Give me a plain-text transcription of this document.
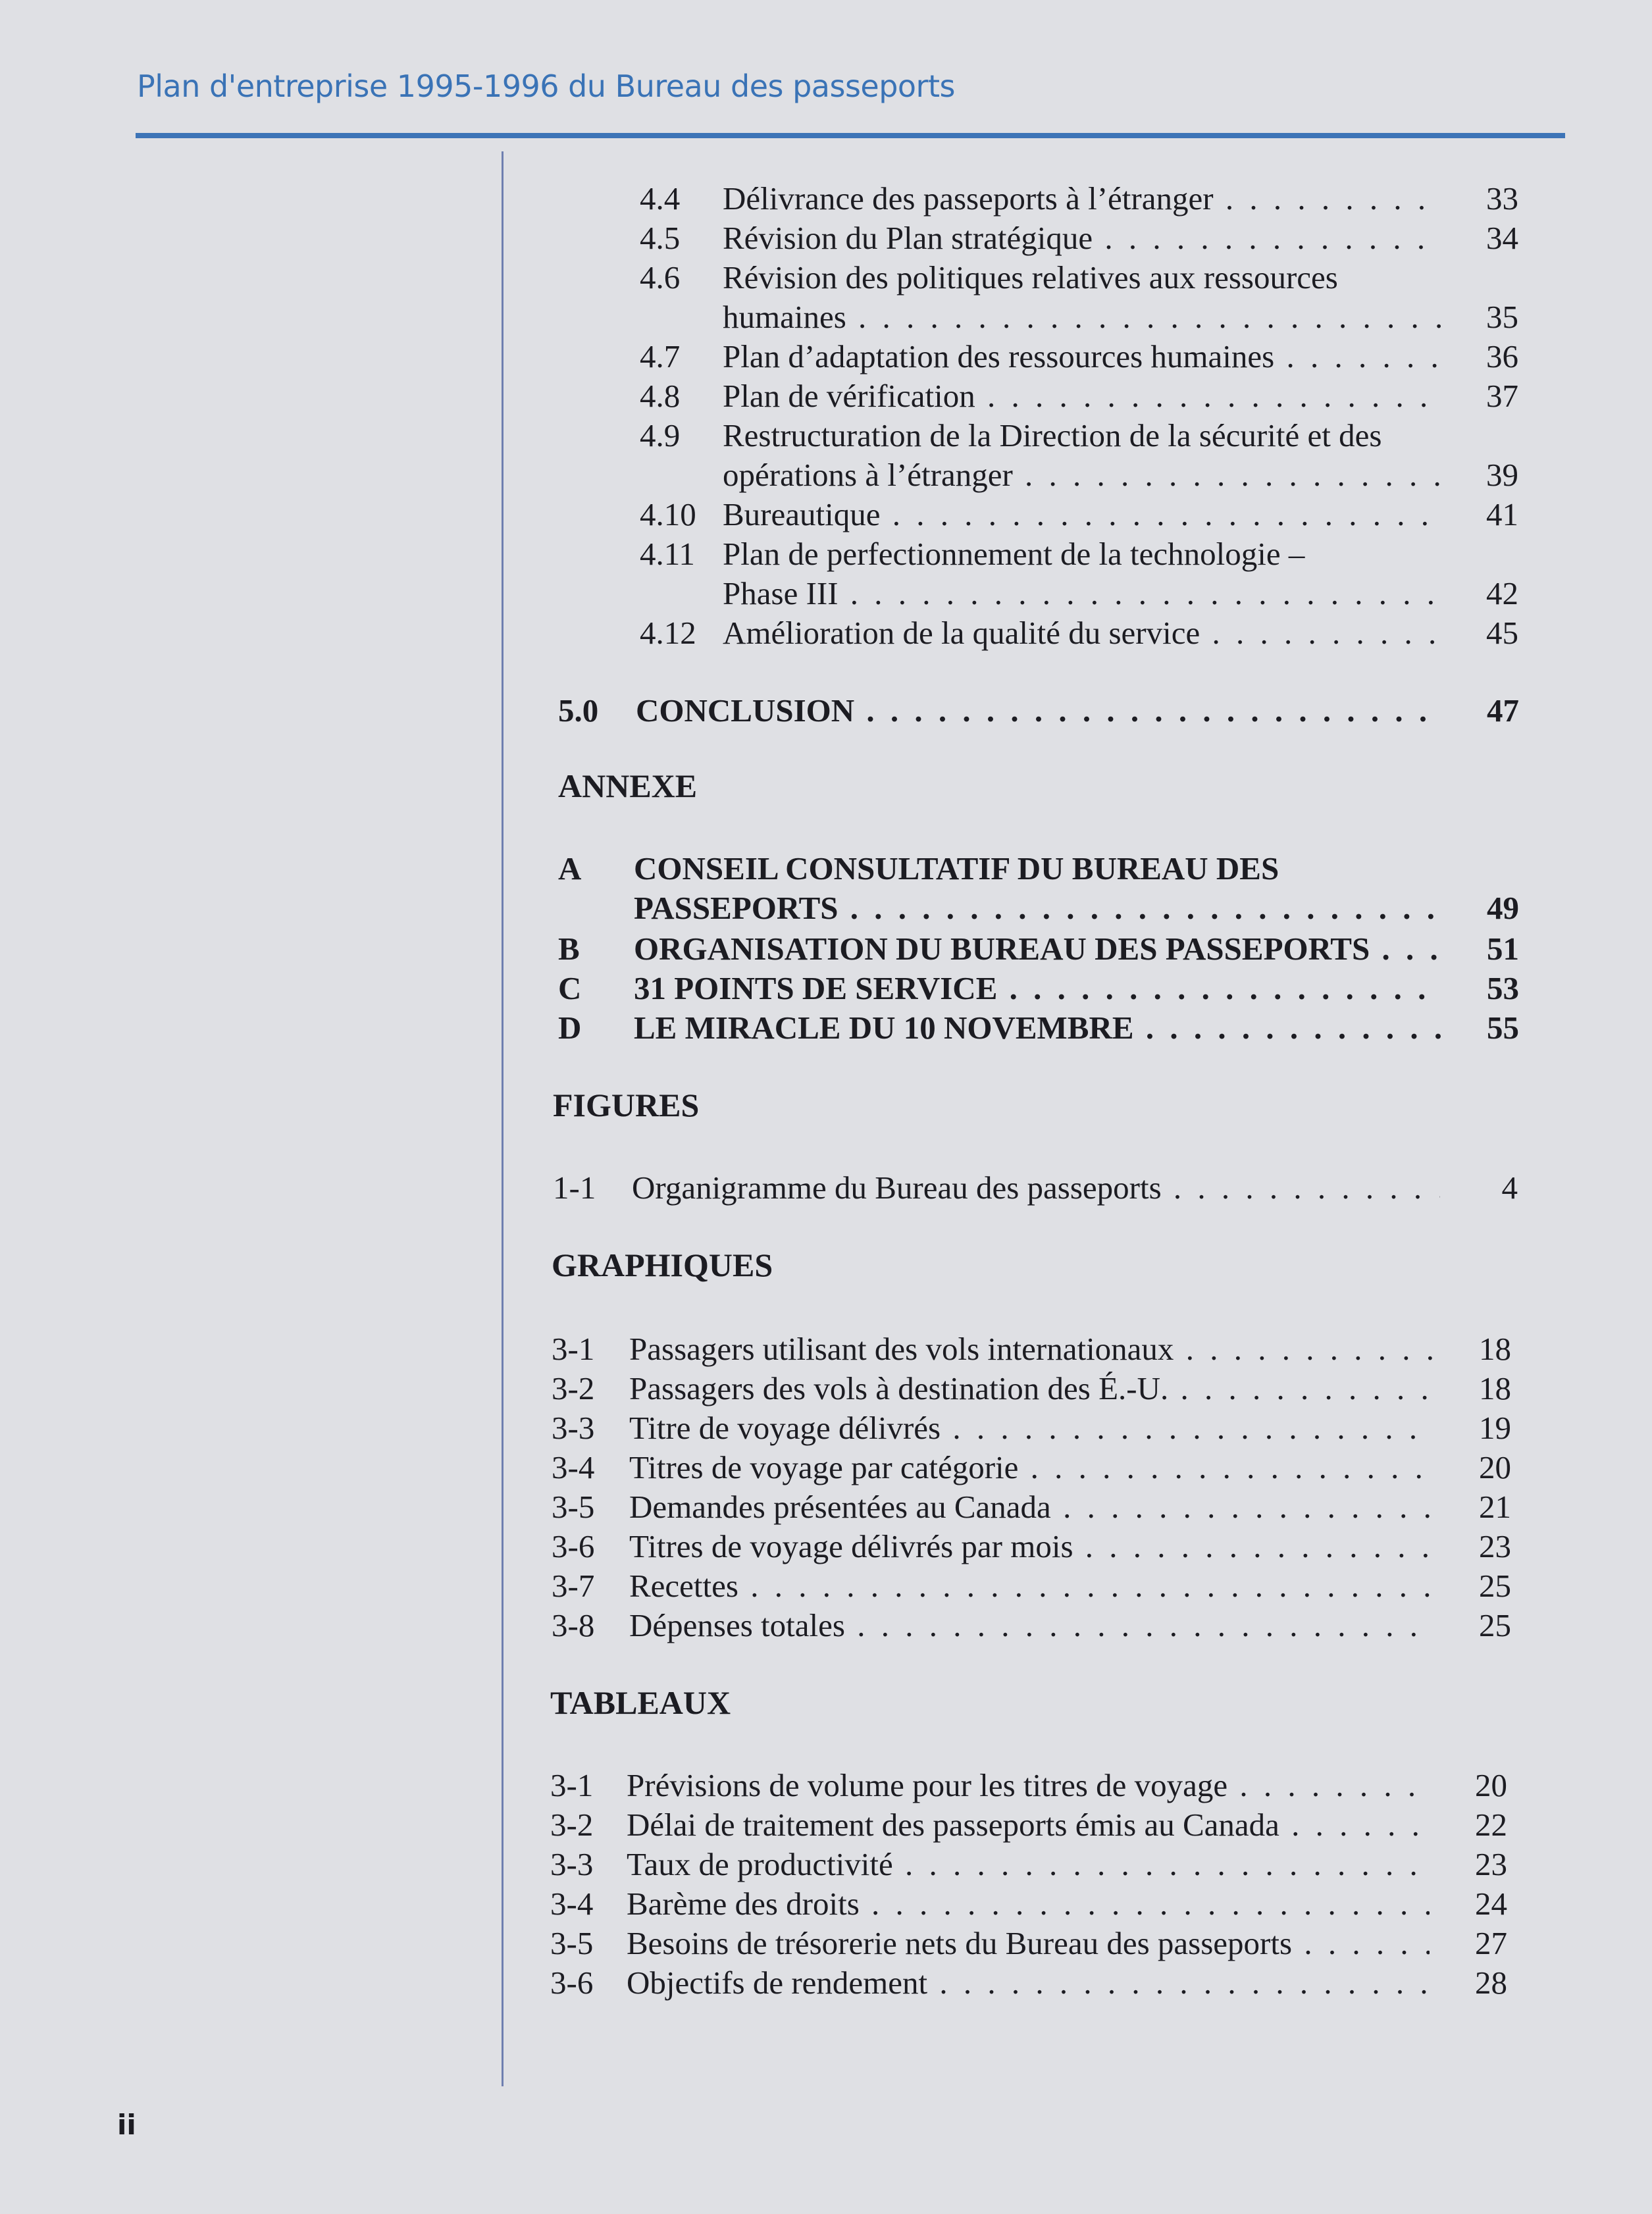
Plan d'entreprise 1995-1996 du Bureau des passeports
4.4 Délivrance des passeports à l’étranger . . .	33
4.5 Révision du Plan stratégique . . .	34
4.6 Révision des politiques relatives aux ressources
humaines . . .	35
4.7 Plan d’adaptation des ressources humaines . . .	36
4.8 Plan de vérification . . .	37
4.9 Restructuration de la Direction de la sécurité et des
opérations à l’étranger . . .	39
4.10 Bureautique . . .	41
4.11 Plan de perfectionnement de la technologie –
Phase III . . .	42
4.12 Amélioration de la qualité du service . . .	45
5.0 CONCLUSION . . .	47
ANNEXE
A CONSEIL CONSULTATIF DU BUREAU DES
PASSEPORTS . . .	49
B ORGANISATION DU BUREAU DES PASSEPORTS . . .	51
C 31 POINTS DE SERVICE . . .	53
D LE MIRACLE DU 10 NOVEMBRE . . .	55
FIGURES
1-1 Organigramme du Bureau des passeports . . .	4
GRAPHIQUES
3-1 Passagers utilisant des vols internationaux . . .	18
3-2 Passagers des vols à destination des É.-U. . . .	18
3-3 Titre de voyage délivrés . . .	19
3-4 Titres de voyage par catégorie . . .	20
3-5 Demandes présentées au Canada . . .	21
3-6 Titres de voyage délivrés par mois . . .	23
3-7 Recettes . . .	25
3-8 Dépenses totales . . .	25
TABLEAUX
3-1 Prévisions de volume pour les titres de voyage . . .	20
3-2 Délai de traitement des passeports émis au Canada . . .	22
3-3 Taux de productivité . . .	23
3-4 Barème des droits . . .	24
3-5 Besoins de trésorerie nets du Bureau des passeports . . .	27
3-6 Objectifs de rendement . . .	28
ii
